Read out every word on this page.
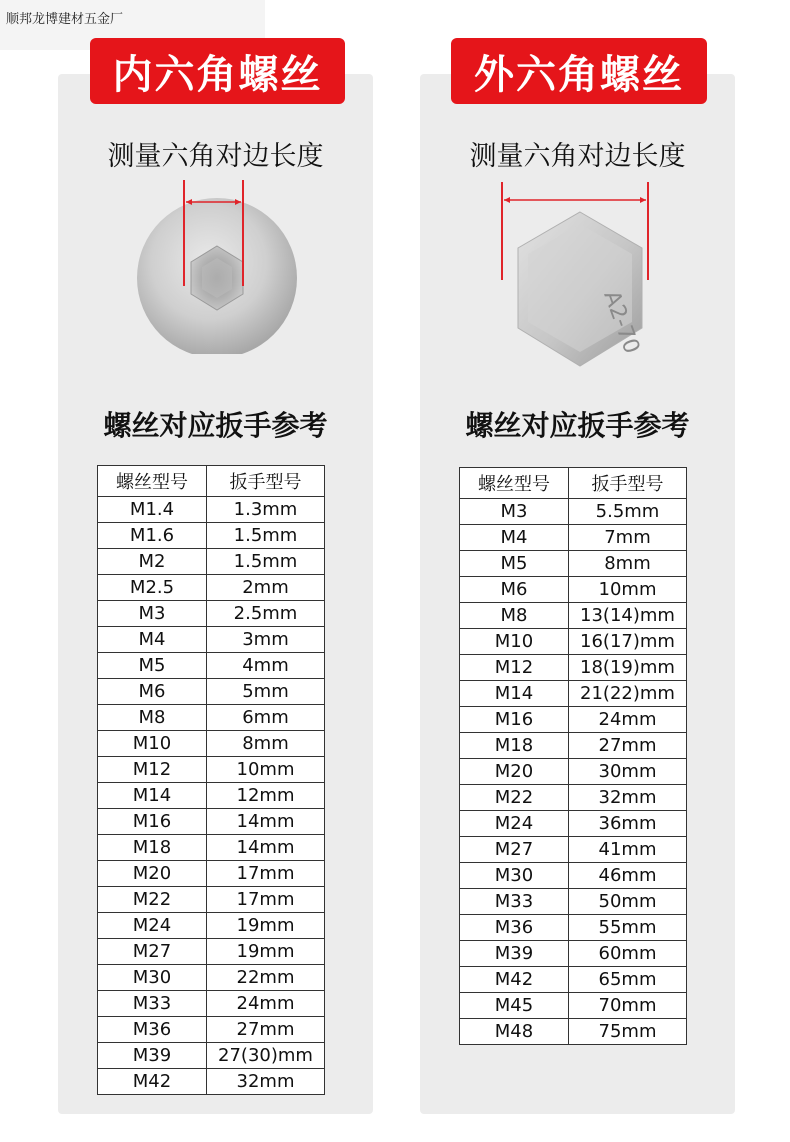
顺邦龙博建材五金厂
内六角螺丝
测量六角对边长度
螺丝对应扳手参考
螺丝型号	扳手型号
M1.4	1.3mm
M1.6	1.5mm
M2	1.5mm
M2.5	2mm
M3	2.5mm
M4	3mm
M5	4mm
M6	5mm
M8	6mm
M10	8mm
M12	10mm
M14	12mm
M16	14mm
M18	14mm
M20	17mm
M22	17mm
M24	19mm
M27	19mm
M30	22mm
M33	24mm
M36	27mm
M39	27(30)mm
M42	32mm
外六角螺丝
测量六角对边长度
A2-70
螺丝对应扳手参考
螺丝型号	扳手型号
M3	5.5mm
M4	7mm
M5	8mm
M6	10mm
M8	13(14)mm
M10	16(17)mm
M12	18(19)mm
M14	21(22)mm
M16	24mm
M18	27mm
M20	30mm
M22	32mm
M24	36mm
M27	41mm
M30	46mm
M33	50mm
M36	55mm
M39	60mm
M42	65mm
M45	70mm
M48	75mm
